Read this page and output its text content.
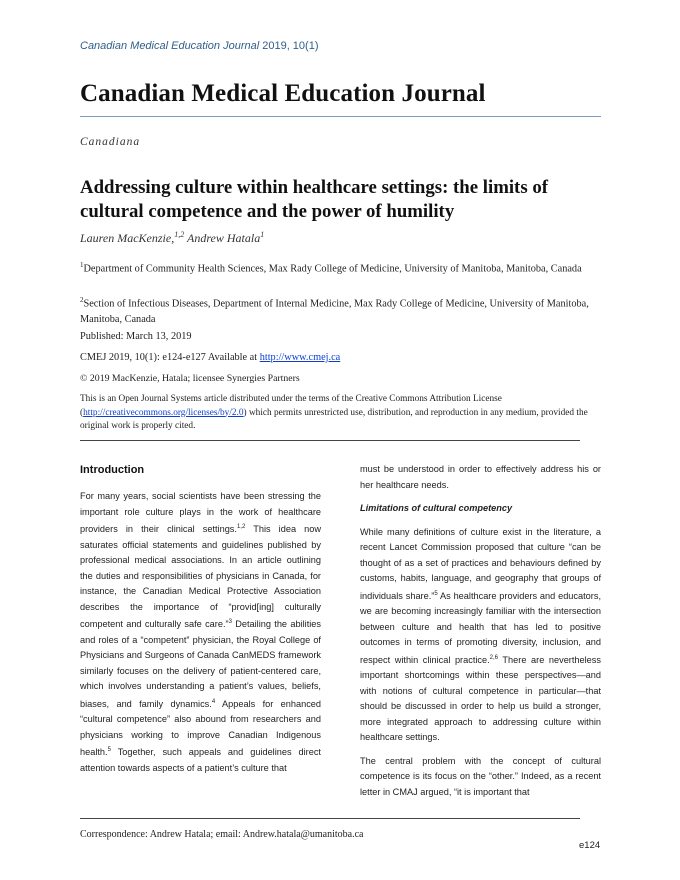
Canadian Medical Education Journal 2019, 10(1)
Canadian Medical Education Journal
Canadiana
Addressing culture within healthcare settings: the limits of cultural competence and the power of humility
Lauren MacKenzie,$^{1,2}$ Andrew Hatala$^1$
$^1$Department of Community Health Sciences, Max Rady College of Medicine, University of Manitoba, Manitoba, Canada
$^2$Section of Infectious Diseases, Department of Internal Medicine, Max Rady College of Medicine, University of Manitoba, Manitoba, Canada
Published: March 13, 2019
CMEJ 2019, 10(1): e124-e127 Available at http://www.cmej.ca
© 2019 MacKenzie, Hatala; licensee Synergies Partners
This is an Open Journal Systems article distributed under the terms of the Creative Commons Attribution License (http://creativecommons.org/licenses/by/2.0) which permits unrestricted use, distribution, and reproduction in any medium, provided the original work is properly cited.
Introduction

For many years, social scientists have been stressing the important role culture plays in the work of healthcare providers in their clinical settings.$^{1,2}$ This idea now saturates official statements and guidelines published by professional medical associations. In an article outlining the duties and responsibilities of physicians in Canada, for instance, the Canadian Medical Protective Association describes the importance of “provid[ing] culturally competent and culturally safe care.”$^3$ Detailing the abilities and roles of a “competent” physician, the Royal College of Physicians and Surgeons of Canada CanMEDS framework similarly focuses on the delivery of patient-centered care, which involves understanding a patient’s values, beliefs, biases, and family dynamics.$^4$ Appeals for enhanced “cultural competence” also abound from researchers and physicians working to improve Canadian Indigenous health.$^5$ Together, such appeals and guidelines direct attention towards aspects of a patient’s culture that

must be understood in order to effectively address his or her healthcare needs.

Limitations of cultural competency

While many definitions of culture exist in the literature, a recent Lancet Commission proposed that culture “can be thought of as a set of practices and behaviours defined by customs, habits, language, and geography that groups of individuals share.”$^5$ As healthcare providers and educators, we are becoming increasingly familiar with the intersection between culture and health that has led to positive outcomes in terms of promoting diversity, inclusion, and respect within clinical practice.$^{2,6}$ There are nevertheless important shortcomings within these perspectives—and with notions of cultural competence in particular—that should be discussed in order to help us build a stronger, more integrated approach to addressing culture within healthcare settings.

The central problem with the concept of cultural competence is its focus on the “other.” Indeed, as a recent letter in CMAJ argued, “it is important that

Correspondence: Andrew Hatala; email: Andrew.hatala@umanitoba.ca
e124
